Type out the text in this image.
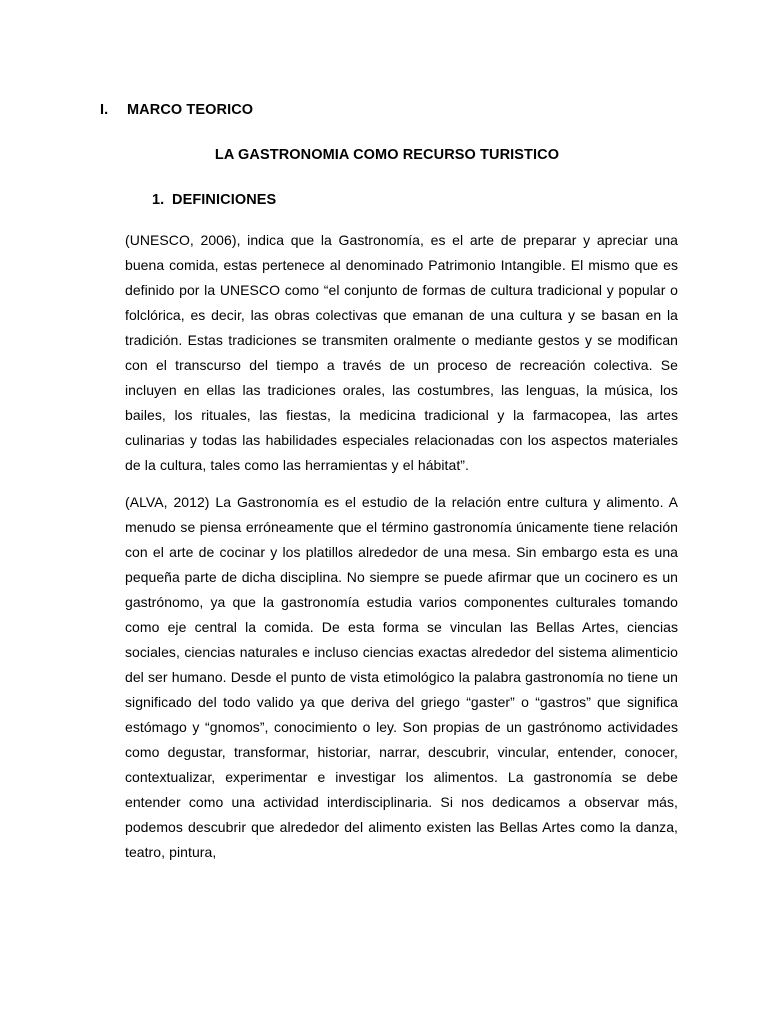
I.	MARCO TEORICO
LA GASTRONOMIA COMO RECURSO TURISTICO
1. DEFINICIONES

(UNESCO, 2006), indica que la Gastronomía, es el arte de preparar y apreciar una buena comida, estas pertenece al denominado Patrimonio Intangible. El mismo que es definido por la UNESCO como “el conjunto de formas de cultura tradicional y popular o folclórica, es decir, las obras colectivas que emanan de una cultura y se basan en la tradición. Estas tradiciones se transmiten oralmente o mediante gestos y se modifican con el transcurso del tiempo a través de un proceso de recreación colectiva. Se incluyen en ellas las tradiciones orales, las costumbres, las lenguas, la música, los bailes, los rituales, las fiestas, la medicina tradicional y la farmacopea, las artes culinarias y todas las habilidades especiales relacionadas con los aspectos materiales de la cultura, tales como las herramientas y el hábitat”.

(ALVA, 2012) La Gastronomía es el estudio de la relación entre cultura y alimento. A menudo se piensa erróneamente que el término gastronomía únicamente tiene relación con el arte de cocinar y los platillos alrededor de una mesa. Sin embargo esta es una pequeña parte de dicha disciplina. No siempre se puede afirmar que un cocinero es un gastrónomo, ya que la gastronomía estudia varios componentes culturales tomando como eje central la comida. De esta forma se vinculan las Bellas Artes, ciencias sociales, ciencias naturales e incluso ciencias exactas alrededor del sistema alimenticio del ser humano. Desde el punto de vista etimológico la palabra gastronomía no tiene un significado del todo valido ya que deriva del griego “gaster” o “gastros” que significa estómago y “gnomos”, conocimiento o ley. Son propias de un gastrónomo actividades como degustar, transformar, historiar, narrar, descubrir, vincular, entender, conocer, contextualizar, experimentar e investigar los alimentos. La gastronomía se debe entender como una actividad interdisciplinaria. Si nos dedicamos a observar más, podemos descubrir que alrededor del alimento existen las Bellas Artes como la danza, teatro, pintura,
